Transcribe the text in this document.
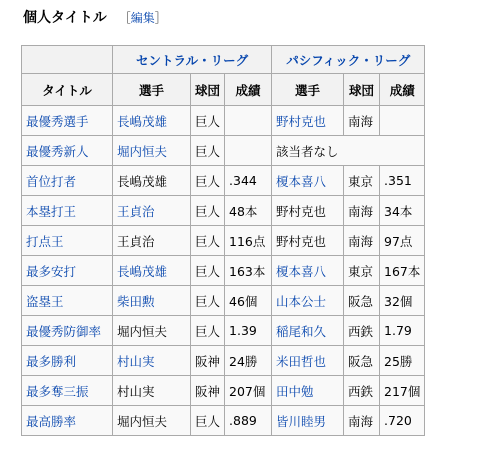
個人タイトル ［編集］
	セントラル・リーグ			パシフィック・リーグ		
タイトル	選手	球団	成績	選手	球団	成績
最優秀選手	長嶋茂雄	巨人		野村克也	南海	
最優秀新人	堀内恒夫	巨人		該当者なし		
首位打者	長嶋茂雄	巨人	.344	榎本喜八	東京	.351
本塁打王	王貞治	巨人	48本	野村克也	南海	34本
打点王	王貞治	巨人	116点	野村克也	南海	97点
最多安打	長嶋茂雄	巨人	163本	榎本喜八	東京	167本
盗塁王	柴田勲	巨人	46個	山本公士	阪急	32個
最優秀防御率	堀内恒夫	巨人	1.39	稲尾和久	西鉄	1.79
最多勝利	村山実	阪神	24勝	米田哲也	阪急	25勝
最多奪三振	村山実	阪神	207個	田中勉	西鉄	217個
最高勝率	堀内恒夫	巨人	.889	皆川睦男	南海	.720
